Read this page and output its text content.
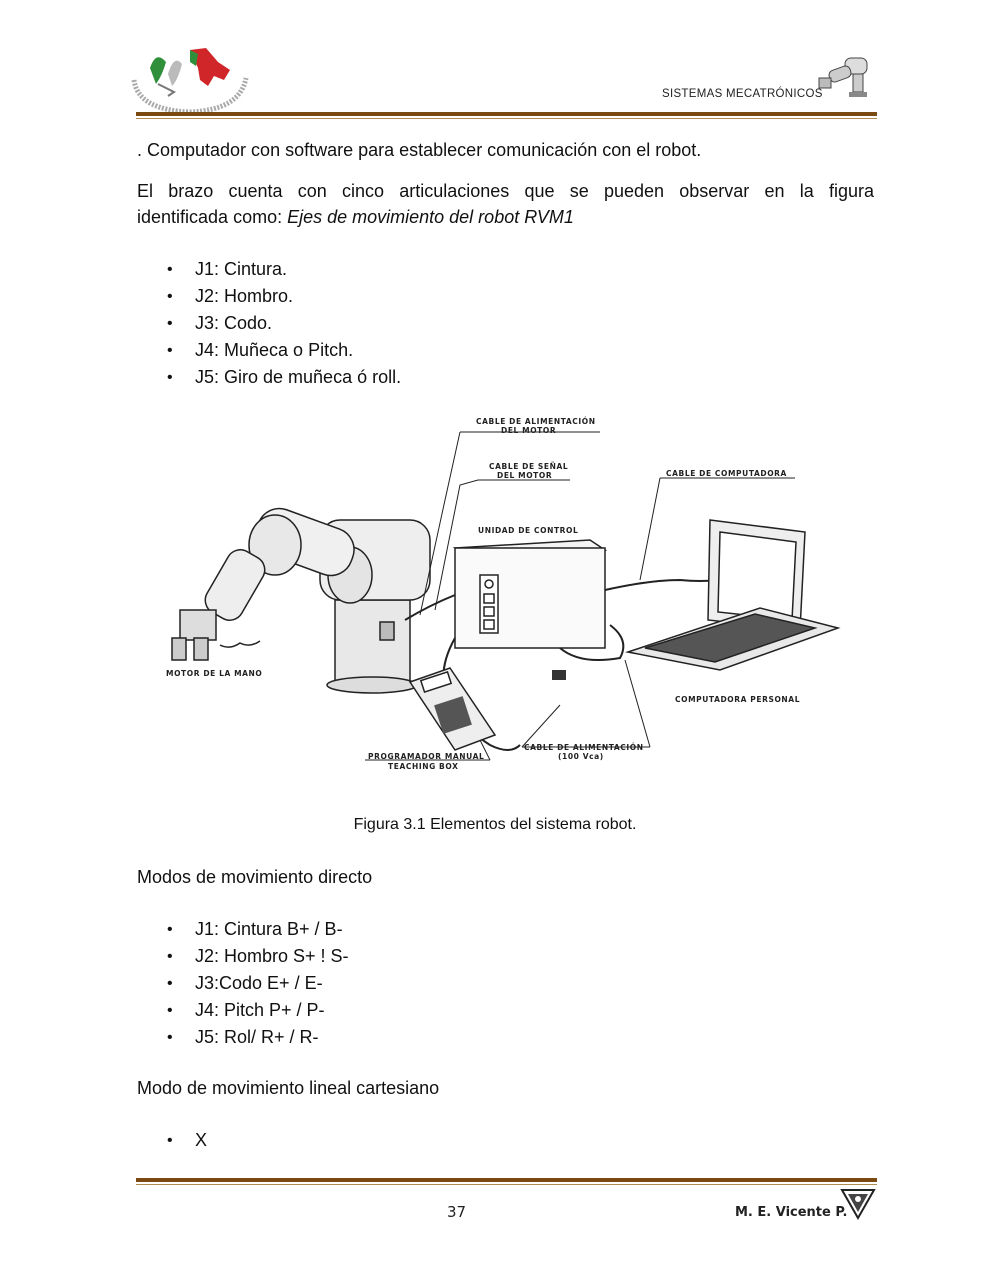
SISTEMAS MECATRÓNICOS
. Computador con software para establecer comunicación con el robot.
El brazo cuenta con cinco articulaciones que se pueden observar en la figura
identificada como: Ejes de movimiento del robot RVM1
• J1: Cintura.
• J2: Hombro.
• J3: Codo.
• J4: Muñeca o Pitch.
• J5: Giro de muñeca ó roll.
CABLE DE ALIMENTACIÓN
DEL MOTOR
CABLE DE SEÑAL
DEL MOTOR	CABLE DE COMPUTADORA
UNIDAD DE CONTROL
MOTOR DE LA MANO
COMPUTADORA PERSONAL
PROGRAMADOR MANUAL
TEACHING BOX
CABLE DE ALIMENTACIÓN
(100 Vca)
Figura 3.1 Elementos del sistema robot.
Modos de movimiento directo
• J1: Cintura B+ / B-
• J2: Hombro S+ ! S-
• J3:Codo E+ / E-
• J4: Pitch P+ / P-
• J5: Rol/ R+ / R-
Modo de movimiento lineal cartesiano
• X
37	M. E. Vicente P.
